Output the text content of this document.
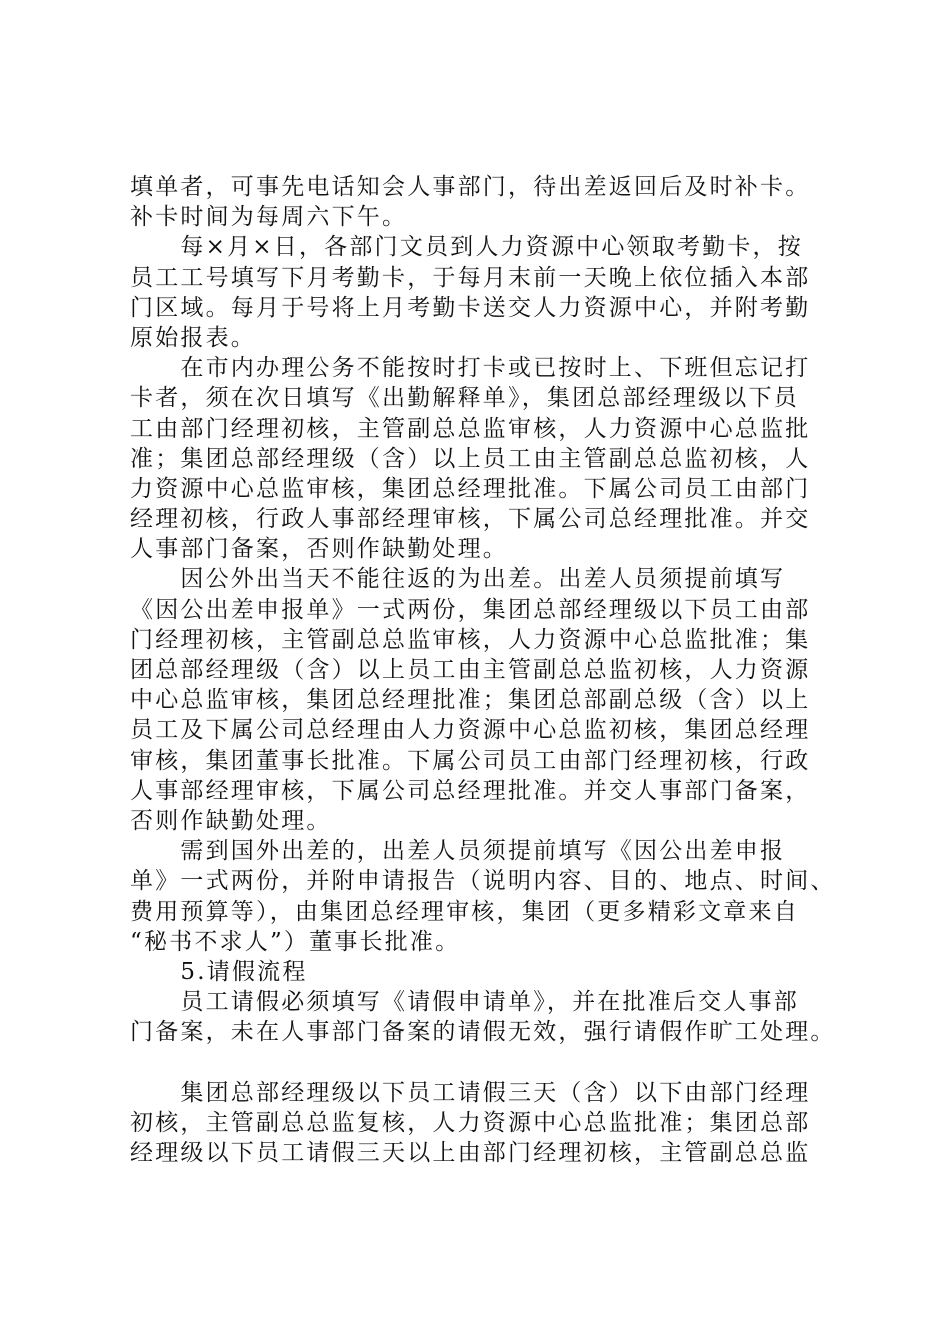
填单者，可事先电话知会人事部门，待出差返回后及时补卡。
补卡时间为每周六下午。
　　每×月×日，各部门文员到人力资源中心领取考勤卡，按
员工工号填写下月考勤卡，于每月末前一天晚上依位插入本部
门区域。每月于号将上月考勤卡送交人力资源中心，并附考勤
原始报表。
　　在市内办理公务不能按时打卡或已按时上、下班但忘记打
卡者，须在次日填写《出勤解释单》，集团总部经理级以下员
工由部门经理初核，主管副总总监审核，人力资源中心总监批
准；集团总部经理级（含）以上员工由主管副总总监初核，人
力资源中心总监审核，集团总经理批准。下属公司员工由部门
经理初核，行政人事部经理审核，下属公司总经理批准。并交
人事部门备案，否则作缺勤处理。
　　因公外出当天不能往返的为出差。出差人员须提前填写
《因公出差申报单》一式两份，集团总部经理级以下员工由部
门经理初核，主管副总总监审核，人力资源中心总监批准；集
团总部经理级（含）以上员工由主管副总总监初核，人力资源
中心总监审核，集团总经理批准；集团总部副总级（含）以上
员工及下属公司总经理由人力资源中心总监初核，集团总经理
审核，集团董事长批准。下属公司员工由部门经理初核，行政
人事部经理审核，下属公司总经理批准。并交人事部门备案，
否则作缺勤处理。
　　需到国外出差的，出差人员须提前填写《因公出差申报
单》一式两份，并附申请报告（说明内容、目的、地点、时间、
费用预算等），由集团总经理审核，集团（更多精彩文章来自
“秘书不求人”）董事长批准。
　　5.请假流程
　　员工请假必须填写《请假申请单》，并在批准后交人事部
门备案，未在人事部门备案的请假无效，强行请假作旷工处理。
　　集团总部经理级以下员工请假三天（含）以下由部门经理
初核，主管副总总监复核，人力资源中心总监批准；集团总部
经理级以下员工请假三天以上由部门经理初核，主管副总总监
